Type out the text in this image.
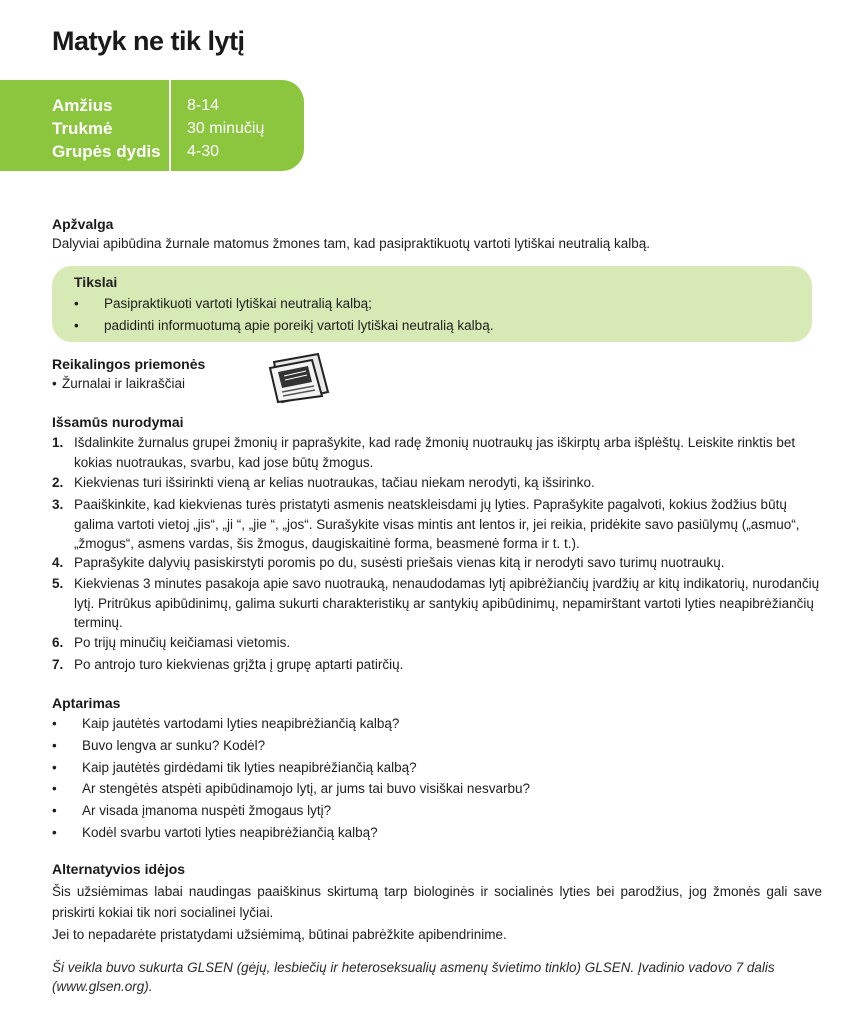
Matyk ne tik lytį
Amžius
Trukmė
Grupės dydis
8-14
30 minučių
4-30
Apžvalga
Dalyviai apibūdina žurnale matomus žmones tam, kad pasipraktikuotų vartoti lytiškai neutralią kalbą.
Tikslai
• Pasipraktikuoti vartoti lytiškai neutralią kalbą;
• padidinti informuotumą apie poreikį vartoti lytiškai neutralią kalbą.
Reikalingos priemonės
• Žurnalai ir laikraščiai
Išsamūs nurodymai
1. Išdalinkite žurnalus grupei žmonių ir paprašykite, kad radę žmonių nuotraukų jas iškirptų arba išplėštų. Leiskite rinktis bet kokias nuotraukas, svarbu, kad jose būtų žmogus.
2. Kiekvienas turi išsirinkti vieną ar kelias nuotraukas, tačiau niekam nerodyti, ką išsirinko.
3. Paaiškinkite, kad kiekvienas turės pristatyti asmenis neatskleisdami jų lyties. Paprašykite pagalvoti, kokius žodžius būtų galima vartoti vietoj „jis“, „ji “, „jie “, „jos“. Surašykite visas mintis ant lentos ir, jei reikia, pridėkite savo pasiūlymų („asmuo“, „žmogus“, asmens vardas, šis žmogus, daugiskaitinė forma, beasmenė forma ir t. t.).
4. Paprašykite dalyvių pasiskirstyti poromis po du, susėsti priešais vienas kitą ir nerodyti savo turimų nuotraukų.
5. Kiekvienas 3 minutes pasakoja apie savo nuotrauką, nenaudodamas lytį apibrėžiančių įvardžių ar kitų indikatorių, nurodančių lytį. Pritrūkus apibūdinimų, galima sukurti charakteristikų ar santykių apibūdinimų, nepamirštant vartoti lyties neapibrėžiančių terminų.
6. Po trijų minučių keičiamasi vietomis.
7. Po antrojo turo kiekvienas grįžta į grupę aptarti patirčių.
Aptarimas
• Kaip jautėtės vartodami lyties neapibrėžiančią kalbą?
• Buvo lengva ar sunku? Kodėl?
• Kaip jautėtės girdėdami tik lyties neapibrėžiančią kalbą?
• Ar stengėtės atspėti apibūdinamojo lytį, ar jums tai buvo visiškai nesvarbu?
• Ar visada įmanoma nuspėti žmogaus lytį?
• Kodėl svarbu vartoti lyties neapibrėžiančią kalbą?
Alternatyvios idėjos
Šis užsiėmimas labai naudingas paaiškinus skirtumą tarp biologinės ir socialinės lyties bei parodžius, jog žmonės gali save priskirti kokiai tik nori socialinei lyčiai.
Jei to nepadarėte pristatydami užsiėmimą, būtinai pabrėžkite apibendrinime.
Ši veikla buvo sukurta GLSEN (gėjų, lesbiečių ir heteroseksualių asmenų švietimo tinklo) GLSEN. Įvadinio vadovo 7 dalis (www.glsen.org).
